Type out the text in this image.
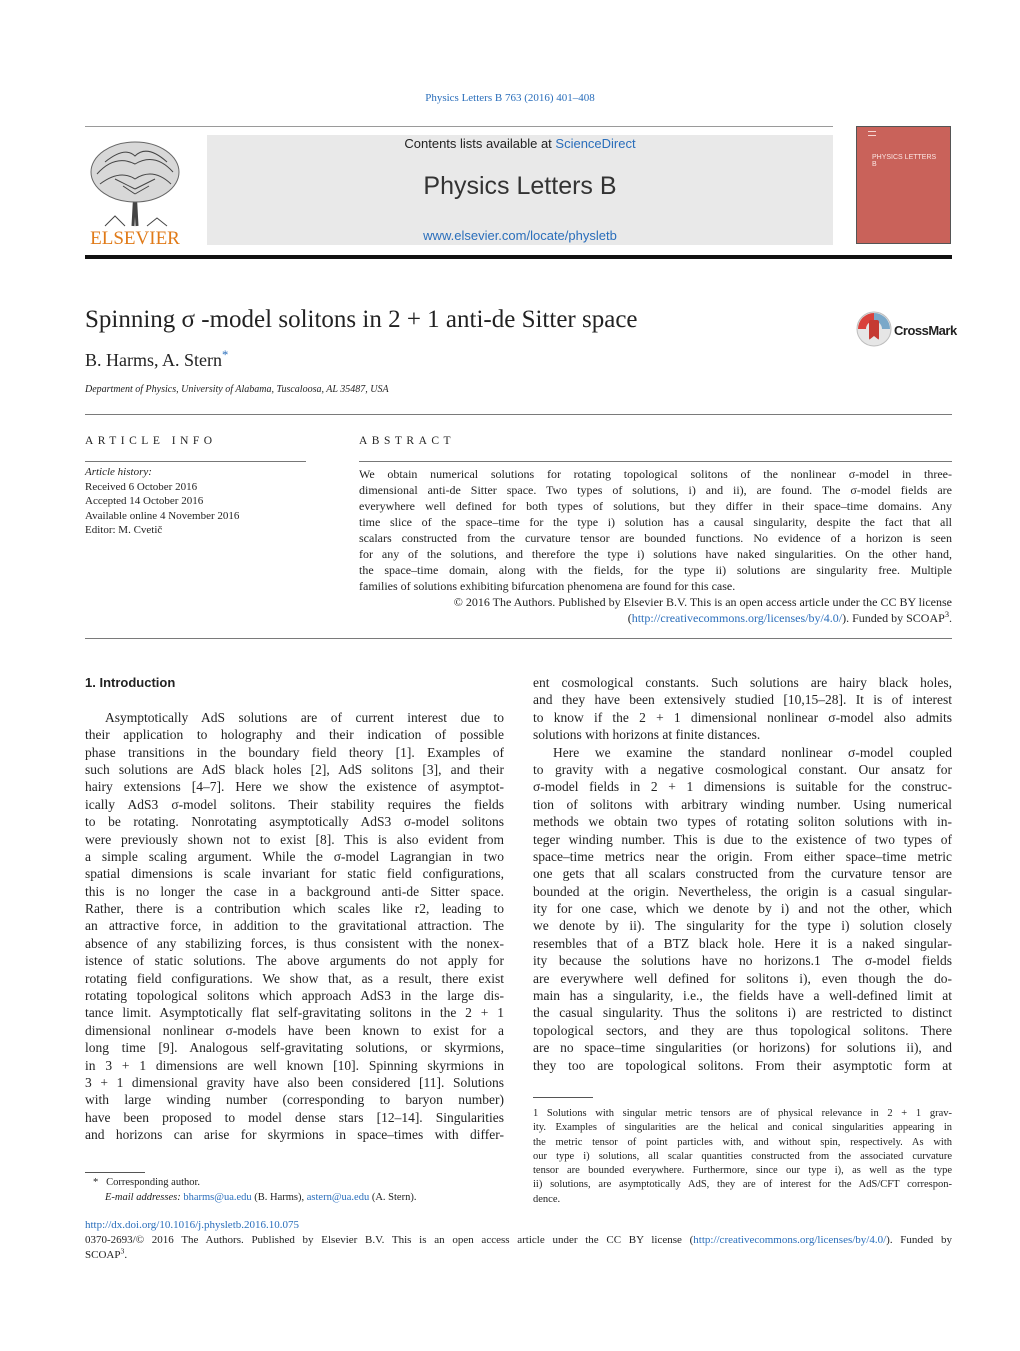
Physics Letters B 763 (2016) 401–408
ELSEVIER
Contents lists available at ScienceDirect
Physics Letters B
www.elsevier.com/locate/physletb
PHYSICS LETTERS B
Spinning σ -model solitons in 2 + 1 anti-de Sitter space	CrossMark
B. Harms, A. Stern*
Department of Physics, University of Alabama, Tuscaloosa, AL 35487, USA
ARTICLE INFO
Article history:
Received 6 October 2016
Accepted 14 October 2016
Available online 4 November 2016
Editor: M. Cvetič
ABSTRACT
We obtain numerical solutions for rotating topological solitons of the nonlinear σ-model in three-
dimensional anti-de Sitter space. Two types of solutions, i) and ii), are found. The σ-model fields are
everywhere well defined for both types of solutions, but they differ in their space–time domains. Any
time slice of the space–time for the type i) solution has a causal singularity, despite the fact that all
scalars constructed from the curvature tensor are bounded functions. No evidence of a horizon is seen
for any of the solutions, and therefore the type i) solutions have naked singularities. On the other hand,
the space–time domain, along with the fields, for the type ii) solutions are singularity free. Multiple
families of solutions exhibiting bifurcation phenomena are found for this case.
© 2016 The Authors. Published by Elsevier B.V. This is an open access article under the CC BY license
(http://creativecommons.org/licenses/by/4.0/). Funded by SCOAP$^3$.
1. Introduction
Asymptotically AdS solutions are of current interest due to
their application to holography and their indication of possible
phase transitions in the boundary field theory [1]. Examples of
such solutions are AdS black holes [2], AdS solitons [3], and their
hairy extensions [4–7]. Here we show the existence of asymptot-
ically AdS3 σ-model solitons. Their stability requires the fields
to be rotating. Nonrotating asymptotically AdS3 σ-model solitons
were previously shown not to exist [8]. This is also evident from
a simple scaling argument. While the σ-model Lagrangian in two
spatial dimensions is scale invariant for static field configurations,
this is no longer the case in a background anti-de Sitter space.
Rather, there is a contribution which scales like r2, leading to
an attractive force, in addition to the gravitational attraction. The
absence of any stabilizing forces, is thus consistent with the nonex-
istence of static solutions. The above arguments do not apply for
rotating field configurations. We show that, as a result, there exist
rotating topological solitons which approach AdS3 in the large dis-
tance limit. Asymptotically flat self-gravitating solitons in the 2 + 1
dimensional nonlinear σ-models have been known to exist for a
long time [9]. Analogous self-gravitating solutions, or skyrmions,
in 3 + 1 dimensions are well known [10]. Spinning skyrmions in
3 + 1 dimensional gravity have also been considered [11]. Solutions
with large winding number (corresponding to baryon number)
have been proposed to model dense stars [12–14]. Singularities
and horizons can arise for skyrmions in space–times with differ-
ent cosmological constants. Such solutions are hairy black holes,
and they have been extensively studied [10,15–28]. It is of interest
to know if the 2 + 1 dimensional nonlinear σ-model also admits
solutions with horizons at finite distances.
Here we examine the standard nonlinear σ-model coupled
to gravity with a negative cosmological constant. Our ansatz for
σ-model fields in 2 + 1 dimensions is suitable for the construc-
tion of solitons with arbitrary winding number. Using numerical
methods we obtain two types of rotating soliton solutions with in-
teger winding number. This is due to the existence of two types of
space–time metrics near the origin. From either space–time metric
one gets that all scalars constructed from the curvature tensor are
bounded at the origin. Nevertheless, the origin is a casual singular-
ity for one case, which we denote by i) and not the other, which
we denote by ii). The singularity for the type i) solution closely
resembles that of a BTZ black hole. Here it is a naked singular-
ity because the solutions have no horizons.1 The σ-model fields
are everywhere well defined for solitons i), even though the do-
main has a singularity, i.e., the fields have a well-defined limit at
the casual singularity. Thus the solitons i) are restricted to distinct
topological sectors, and they are thus topological solitons. There
are no space–time singularities (or horizons) for solutions ii), and
they too are topological solitons. From their asymptotic form at
1 Solutions with singular metric tensors are of physical relevance in 2 + 1 grav-
ity. Examples of singularities are the helical and conical singularities appearing in
the metric tensor of point particles with, and without spin, respectively. As with
our type i) solutions, all scalar quantities constructed from the associated curvature
tensor are bounded everywhere. Furthermore, since our type i), as well as the type
ii) solutions, are asymptotically AdS, they are of interest for the AdS/CFT correspon-
dence.
* Corresponding author.
E-mail addresses: bharms@ua.edu (B. Harms), astern@ua.edu (A. Stern).
http://dx.doi.org/10.1016/j.physletb.2016.10.075
0370-2693/© 2016 The Authors. Published by Elsevier B.V. This is an open access article under the CC BY license (http://creativecommons.org/licenses/by/4.0/). Funded by
SCOAP$^3$.
